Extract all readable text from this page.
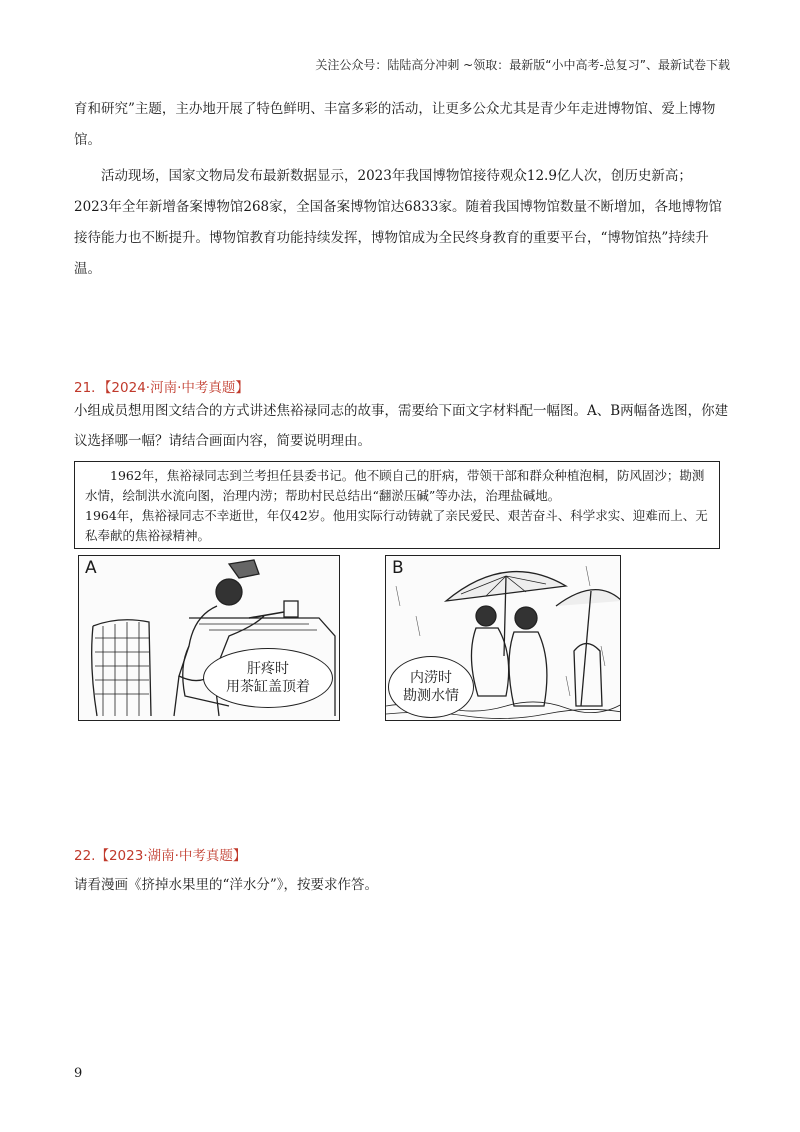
关注公众号：陆陆高分冲刺 ~领取：最新版“小中高考-总复习”、最新试卷下载
育和研究”主题，主办地开展了特色鲜明、丰富多彩的活动，让更多公众尤其是青少年走进博物馆、爱上博物馆。
活动现场，国家文物局发布最新数据显示，2023年我国博物馆接待观众12.9亿人次，创历史新高；2023年全年新增备案博物馆268家，全国备案博物馆达6833家。随着我国博物馆数量不断增加，各地博物馆接待能力也不断提升。博物馆教育功能持续发挥，博物馆成为全民终身教育的重要平台，“博物馆热”持续升温。
21．【2024·河南·中考真题】
小组成员想用图文结合的方式讲述焦裕禄同志的故事，需要给下面文字材料配一幅图。A、B两幅备选图，你建议选择哪一幅？请结合画面内容，简要说明理由。

1962年，焦裕禄同志到兰考担任县委书记。他不顾自己的肝病，带领干部和群众种植泡桐，防风固沙；勘测水情，绘制洪水流向图，治理内涝；帮助村民总结出“翻淤压碱”等办法，治理盐碱地。

1964年，焦裕禄同志不幸逝世，年仅42岁。他用实际行动铸就了亲民爱民、艰苦奋斗、科学求实、迎难而上、无私奉献的焦裕禄精神。

A
肝疼时
用茶缸盖顶着
B
内涝时
勘测水情
22.【2023·湖南·中考真题】
请看漫画《挤掉水果里的“洋水分”》，按要求作答。
9
